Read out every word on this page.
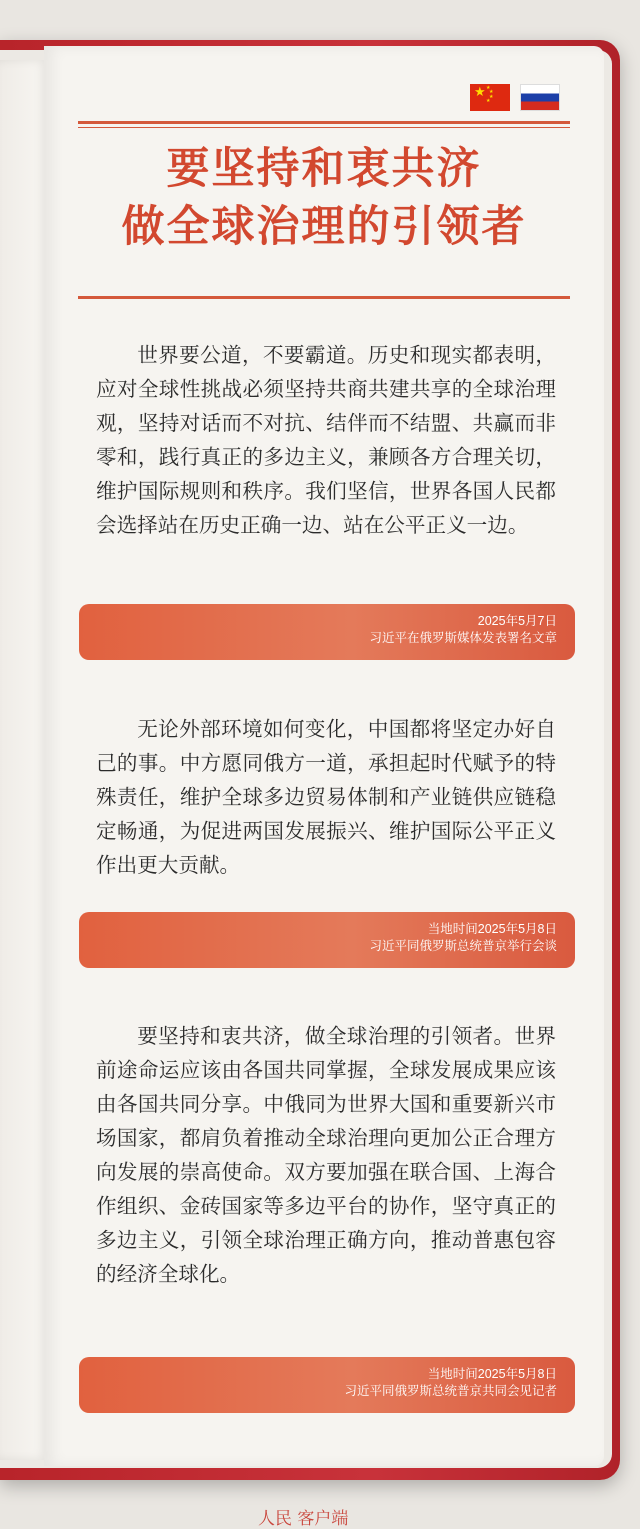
★ ★
★
★
★
要坚持和衷共济
做全球治理的引领者
世界要公道，不要霸道。历史和现实都表明，应对全球性挑战必须坚持共商共建共享的全球治理观，坚持对话而不对抗、结伴而不结盟、共赢而非零和，践行真正的多边主义，兼顾各方合理关切，维护国际规则和秩序。我们坚信，世界各国人民都会选择站在历史正确一边、站在公平正义一边。
2025年5月7日
习近平在俄罗斯媒体发表署名文章
无论外部环境如何变化，中国都将坚定办好自己的事。中方愿同俄方一道，承担起时代赋予的特殊责任，维护全球多边贸易体制和产业链供应链稳定畅通，为促进两国发展振兴、维护国际公平正义作出更大贡献。
当地时间2025年5月8日
习近平同俄罗斯总统普京举行会谈
要坚持和衷共济，做全球治理的引领者。世界前途命运应该由各国共同掌握，全球发展成果应该由各国共同分享。中俄同为世界大国和重要新兴市场国家，都肩负着推动全球治理向更加公正合理方向发展的崇高使命。双方要加强在联合国、上海合作组织、金砖国家等多边平台的协作，坚守真正的多边主义，引领全球治理正确方向，推动普惠包容的经济全球化。
当地时间2025年5月8日
习近平同俄罗斯总统普京共同会见记者
人民 客户端
